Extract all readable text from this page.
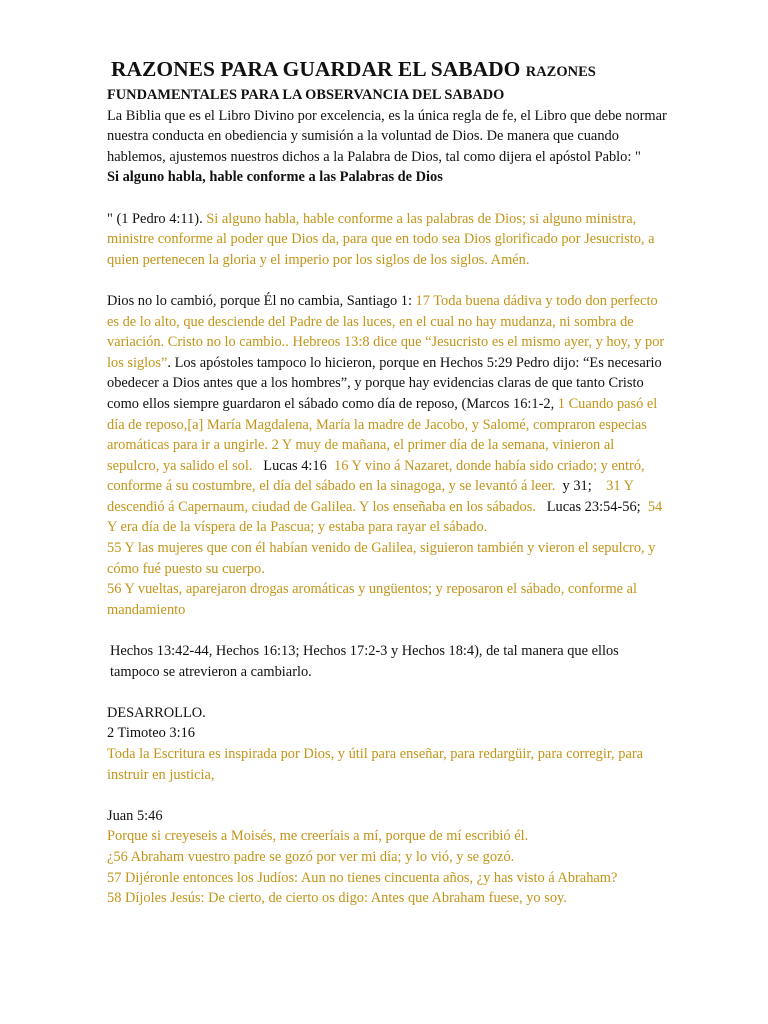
RAZONES PARA GUARDAR EL SABADO RAZONES

FUNDAMENTALES PARA LA OBSERVANCIA DEL SABADO

La Biblia que es el Libro Divino por excelencia, es la única regla de fe, el Libro que debe normar nuestra conducta en obediencia y sumisión a la voluntad de Dios. De manera que cuando hablemos, ajustemos nuestros dichos a la Palabra de Dios, tal como dijera el apóstol Pablo: "

Si alguno habla, hable conforme a las Palabras de Dios

" (1 Pedro 4:11). Si alguno habla, hable conforme a las palabras de Dios; si alguno ministra, ministre conforme al poder que Dios da, para que en todo sea Dios glorificado por Jesucristo, a quien pertenecen la gloria y el imperio por los siglos de los siglos. Amén.

Dios no lo cambió, porque Él no cambia, Santiago 1: 17 Toda buena dádiva y todo don perfecto es de lo alto, que desciende del Padre de las luces, en el cual no hay mudanza, ni sombra de variación. Cristo no lo cambio.. Hebreos 13:8 dice que “Jesucristo es el mismo ayer, y hoy, y por los siglos”. Los apóstoles tampoco lo hicieron, porque en Hechos 5:29 Pedro dijo: “Es necesario obedecer a Dios antes que a los hombres”, y porque hay evidencias claras de que tanto Cristo como ellos siempre guardaron el sábado como día de reposo, (Marcos 16:1-2, 1 Cuando pasó el día de reposo,[a] María Magdalena, María la madre de Jacobo, y Salomé, compraron especias aromáticas para ir a ungirle. 2 Y muy de mañana, el primer día de la semana, vinieron al sepulcro, ya salido el sol.   Lucas 4:16  16 Y vino á Nazaret, donde había sido criado; y entró, conforme á su costumbre, el día del sábado en la sinagoga, y se levantó á leer.  y 31;    31 Y descendió á Capernaum, ciudad de Galilea. Y los enseñaba en los sábados.   Lucas 23:54-56;  54 Y era día de la víspera de la Pascua; y estaba para rayar el sábado.

55 Y las mujeres que con él habían venido de Galilea, siguieron también y vieron el sepulcro, y cómo fué puesto su cuerpo.

56 Y vueltas, aparejaron drogas aromáticas y ungüentos; y reposaron el sábado, conforme al mandamiento

Hechos 13:42-44, Hechos 16:13; Hechos 17:2-3 y Hechos 18:4), de tal manera que ellos tampoco se atrevieron a cambiarlo.

DESARROLLO.

2 Timoteo 3:16

Toda la Escritura es inspirada por Dios, y útil para enseñar, para redargüir, para corregir, para instruir en justicia,

Juan 5:46

Porque si creyeseis a Moisés, me creeríais a mí, porque de mí escribió él.

¿56 Abraham vuestro padre se gozó por ver mi día; y lo vió, y se gozó.

57 Dijéronle entonces los Judíos: Aun no tienes cincuenta años, ¿y has visto á Abraham?

58 Díjoles Jesús: De cierto, de cierto os digo: Antes que Abraham fuese, yo soy.
